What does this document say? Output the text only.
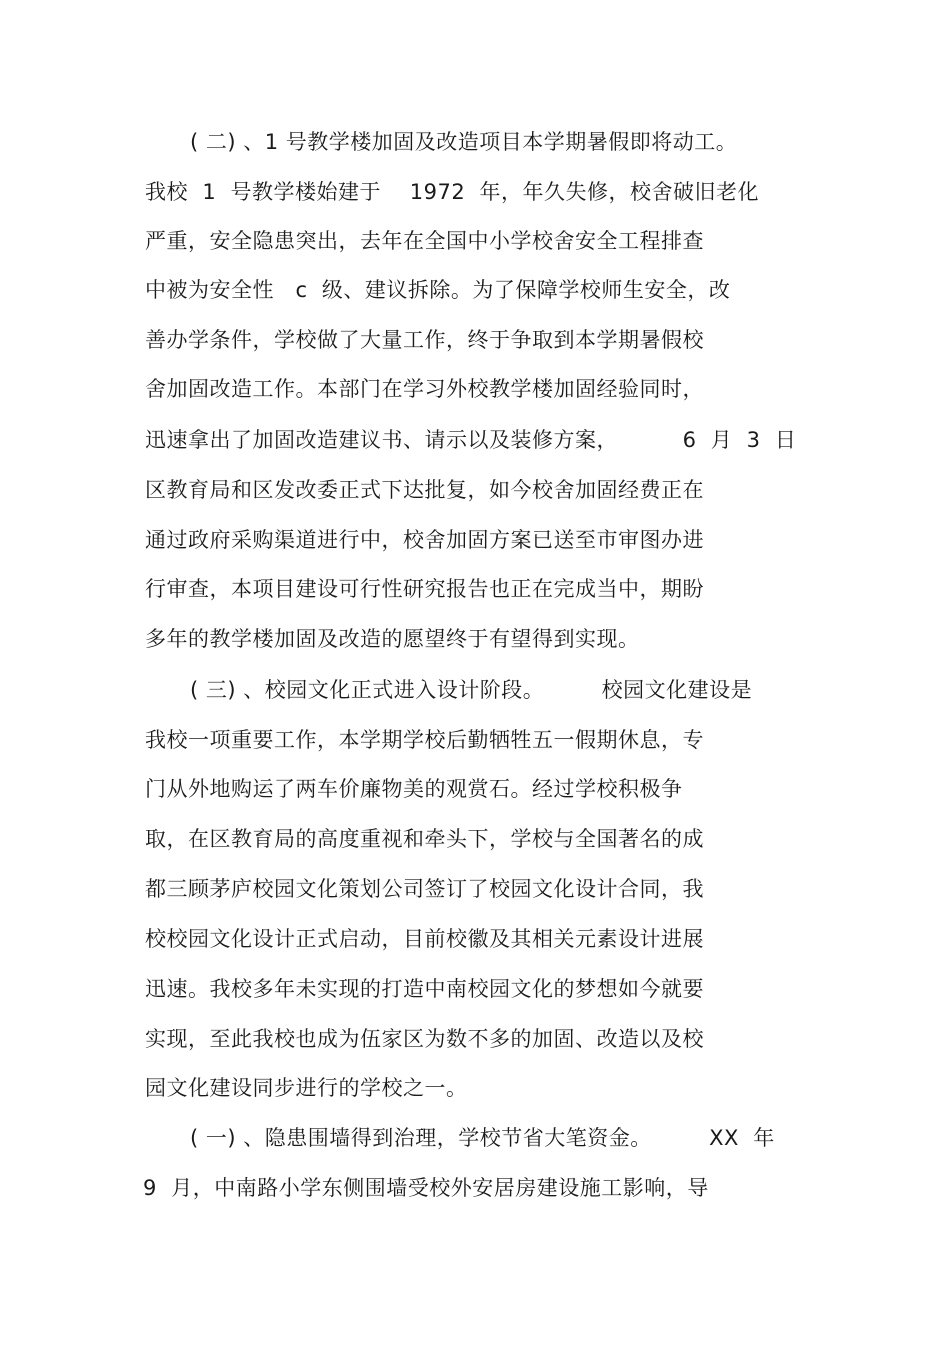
( 二) 、1 号教学楼加固及改造项目本学期暑假即将动工。
我校  1  号教学楼始建于    1972  年，年久失修，校舍破旧老化
严重，安全隐患突出，去年在全国中小学校舍安全工程排查
中被为安全性   c  级、建议拆除。为了保障学校师生安全，改
善办学条件，学校做了大量工作，终于争取到本学期暑假校
舍加固改造工作。本部门在学习外校教学楼加固经验同时，
迅速拿出了加固改造建议书、请示以及装修方案，         6  月  3  日
区教育局和区发改委正式下达批复，如今校舍加固经费正在
通过政府采购渠道进行中，校舍加固方案已送至市审图办进
行审查，本项目建设可行性研究报告也正在完成当中，期盼
多年的教学楼加固及改造的愿望终于有望得到实现。
( 三) 、校园文化正式进入设计阶段。        校园文化建设是
我校一项重要工作，本学期学校后勤牺牲五一假期休息，专
门从外地购运了两车价廉物美的观赏石。经过学校积极争
取，在区教育局的高度重视和牵头下，学校与全国著名的成
都三顾茅庐校园文化策划公司签订了校园文化设计合同，我
校校园文化设计正式启动，目前校徽及其相关元素设计进展
迅速。我校多年未实现的打造中南校园文化的梦想如今就要
实现，至此我校也成为伍家区为数不多的加固、改造以及校
园文化建设同步进行的学校之一。
( 一) 、隐患围墙得到治理，学校节省大笔资金。        XX  年
9  月，中南路小学东侧围墙受校外安居房建设施工影响，导
